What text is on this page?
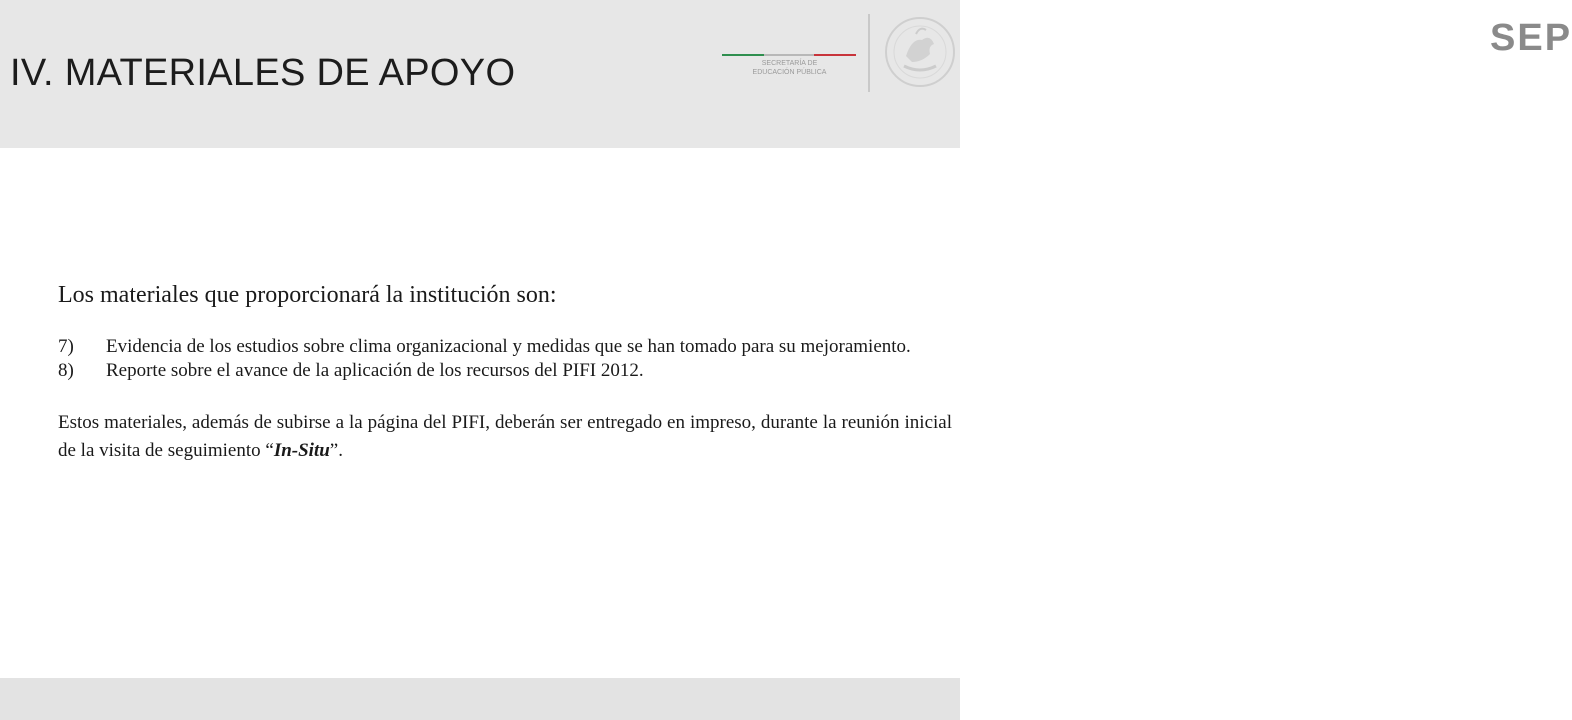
IV. MATERIALES DE APOYO
SEP
SECRETARÍA DE
EDUCACIÓN PÚBLICA

Los materiales que proporcionará la institución son:

7) Evidencia de los estudios sobre clima organizacional y medidas que se han tomado para su mejoramiento.
8) Reporte sobre el avance de la aplicación de los recursos del PIFI 2012.

Estos materiales, además de subirse a la página del PIFI, deberán ser entregado en impreso, durante la reunión inicial de la visita de seguimiento “In-Situ”.
